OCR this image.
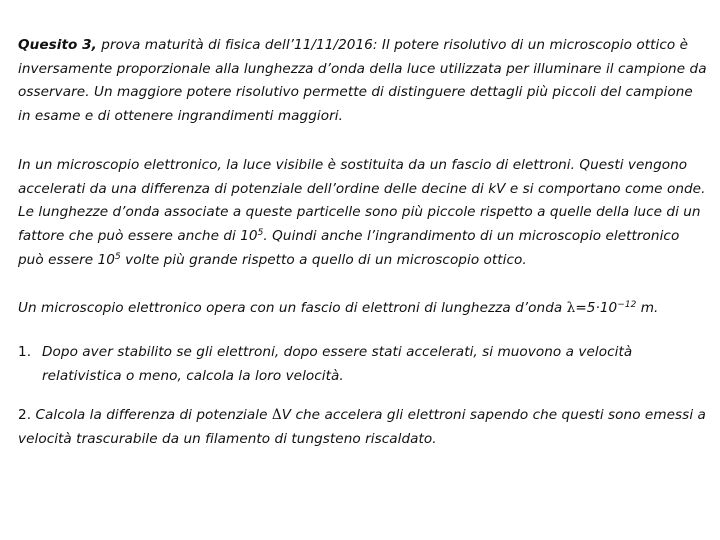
Quesito 3, prova maturità di fisica dell’11/11/2016: Il potere risolutivo di un microscopio ottico è inversamente proporzionale alla lunghezza d’onda della luce utilizzata per illuminare il campione da osservare. Un maggiore potere risolutivo permette di distinguere dettagli più piccoli del campione in esame e di ottenere ingrandimenti maggiori.

In un microscopio elettronico, la luce visibile è sostituita da un fascio di elettroni. Questi vengono accelerati da una differenza di potenziale dell’ordine delle decine di kV e si comportano come onde. Le lunghezze d’onda associate a queste particelle sono più piccole rispetto a quelle della luce di un fattore che può essere anche di $10^5$. Quindi anche l’ingrandimento di un microscopio elettronico può essere $10^5$ volte più grande rispetto a quello di un microscopio ottico.

Un microscopio elettronico opera con un fascio di elettroni di lunghezza d’onda $\lambda=5\cdot 10^{-12}$ m.

1. Dopo aver stabilito se gli elettroni, dopo essere stati accelerati, si muovono a velocità relativistica o meno, calcola la loro velocità.

2. Calcola la differenza di potenziale ΔV che accelera gli elettroni sapendo che questi sono emessi a velocità trascurabile da un filamento di tungsteno riscaldato.
